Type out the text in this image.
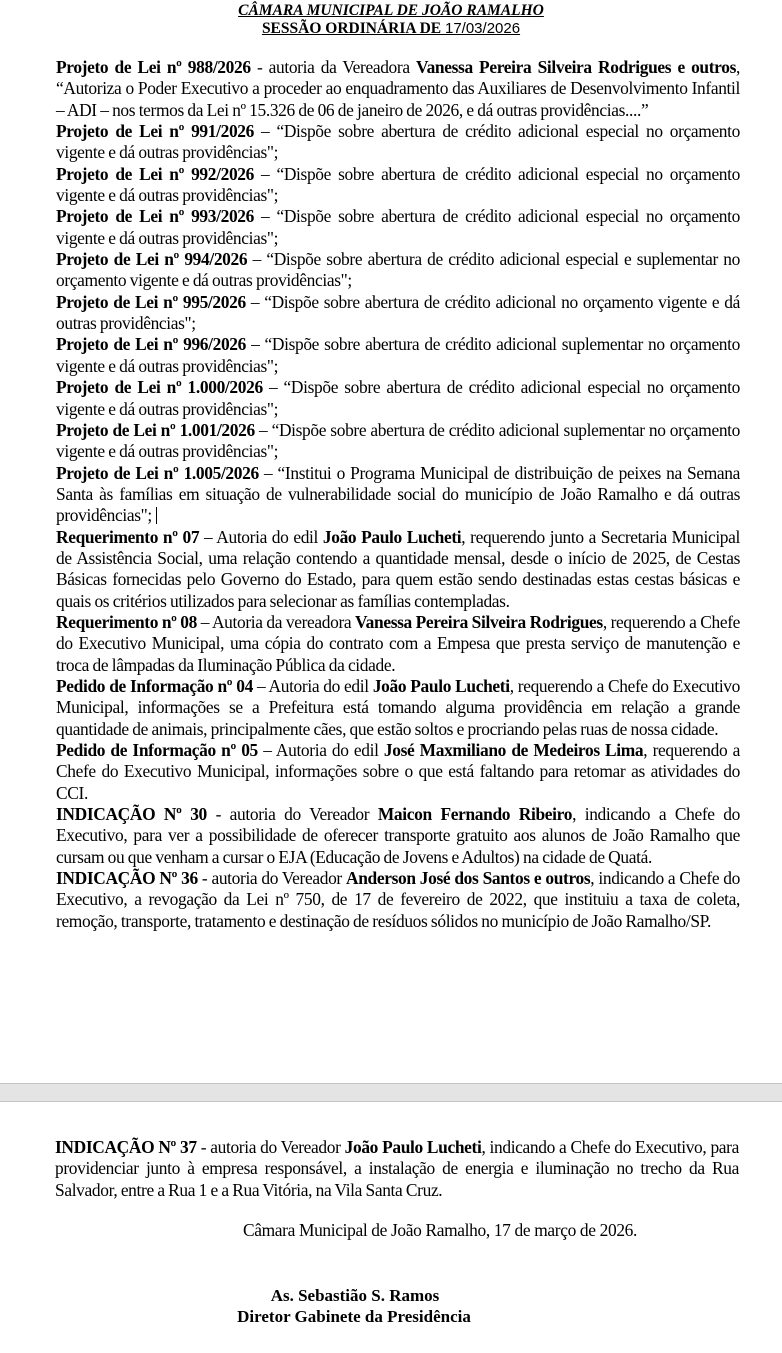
CÂMARA MUNICIPAL DE JOÃO RAMALHO
SESSÃO ORDINÁRIA DE 17/03/2026

Projeto de Lei nº 988/2026 - autoria da Vereadora Vanessa Pereira Silveira Rodrigues e outros, “Autoriza o Poder Executivo a proceder ao enquadramento das Auxiliares de Desenvolvimento Infantil – ADI – nos termos da Lei nº 15.326 de 06 de janeiro de 2026, e dá outras providências....”

Projeto de Lei nº 991/2026 – “Dispõe sobre abertura de crédito adicional especial no orçamento vigente e dá outras providências";

Projeto de Lei nº 992/2026 – “Dispõe sobre abertura de crédito adicional especial no orçamento vigente e dá outras providências";

Projeto de Lei nº 993/2026 – “Dispõe sobre abertura de crédito adicional especial no orçamento vigente e dá outras providências";

Projeto de Lei nº 994/2026 – “Dispõe sobre abertura de crédito adicional especial e suplementar no orçamento vigente e dá outras providências";

Projeto de Lei nº 995/2026 – “Dispõe sobre abertura de crédito adicional no orçamento vigente e dá outras providências";

Projeto de Lei nº 996/2026 – “Dispõe sobre abertura de crédito adicional suplementar no orçamento vigente e dá outras providências";

Projeto de Lei nº 1.000/2026 – “Dispõe sobre abertura de crédito adicional especial no orçamento vigente e dá outras providências";

Projeto de Lei nº 1.001/2026 – “Dispõe sobre abertura de crédito adicional suplementar no orçamento vigente e dá outras providências";

Projeto de Lei nº 1.005/2026 – “Institui o Programa Municipal de distribuição de peixes na Semana Santa às famílias em situação de vulnerabilidade social do município de João Ramalho e dá outras providências";

Requerimento nº 07 – Autoria do edil João Paulo Lucheti, requerendo junto a Secretaria Municipal de Assistência Social, uma relação contendo a quantidade mensal, desde o início de 2025, de Cestas Básicas fornecidas pelo Governo do Estado, para quem estão sendo destinadas estas cestas básicas e quais os critérios utilizados para selecionar as famílias contempladas.

Requerimento nº 08 – Autoria da vereadora Vanessa Pereira Silveira Rodrigues, requerendo a Chefe do Executivo Municipal, uma cópia do contrato com a Empesa que presta serviço de manutenção e troca de lâmpadas da Iluminação Pública da cidade.

Pedido de Informação nº 04 – Autoria do edil João Paulo Lucheti, requerendo a Chefe do Executivo Municipal, informações se a Prefeitura está tomando alguma providência em relação a grande quantidade de animais, principalmente cães, que estão soltos e procriando pelas ruas de nossa cidade.

Pedido de Informação nº 05 – Autoria do edil José Maxmiliano de Medeiros Lima, requerendo a Chefe do Executivo Municipal, informações sobre o que está faltando para retomar as atividades do CCI.

INDICAÇÃO Nº 30 - autoria do Vereador Maicon Fernando Ribeiro, indicando a Chefe do Executivo, para ver a possibilidade de oferecer transporte gratuito aos alunos de João Ramalho que cursam ou que venham a cursar o EJA (Educação de Jovens e Adultos) na cidade de Quatá.

INDICAÇÃO Nº 36 - autoria do Vereador Anderson José dos Santos e outros, indicando a Chefe do Executivo, a revogação da Lei nº 750, de 17 de fevereiro de 2022, que instituiu a taxa de coleta, remoção, transporte, tratamento e destinação de resíduos sólidos no município de João Ramalho/SP.

INDICAÇÃO Nº 37 - autoria do Vereador João Paulo Lucheti, indicando a Chefe do Executivo, para providenciar junto à empresa responsável, a instalação de energia e iluminação no trecho da Rua Salvador, entre a Rua 1 e a Rua Vitória, na Vila Santa Cruz.

Câmara Municipal de João Ramalho, 17 de março de 2026.
As. Sebastião S. Ramos
Diretor Gabinete da Presidência
